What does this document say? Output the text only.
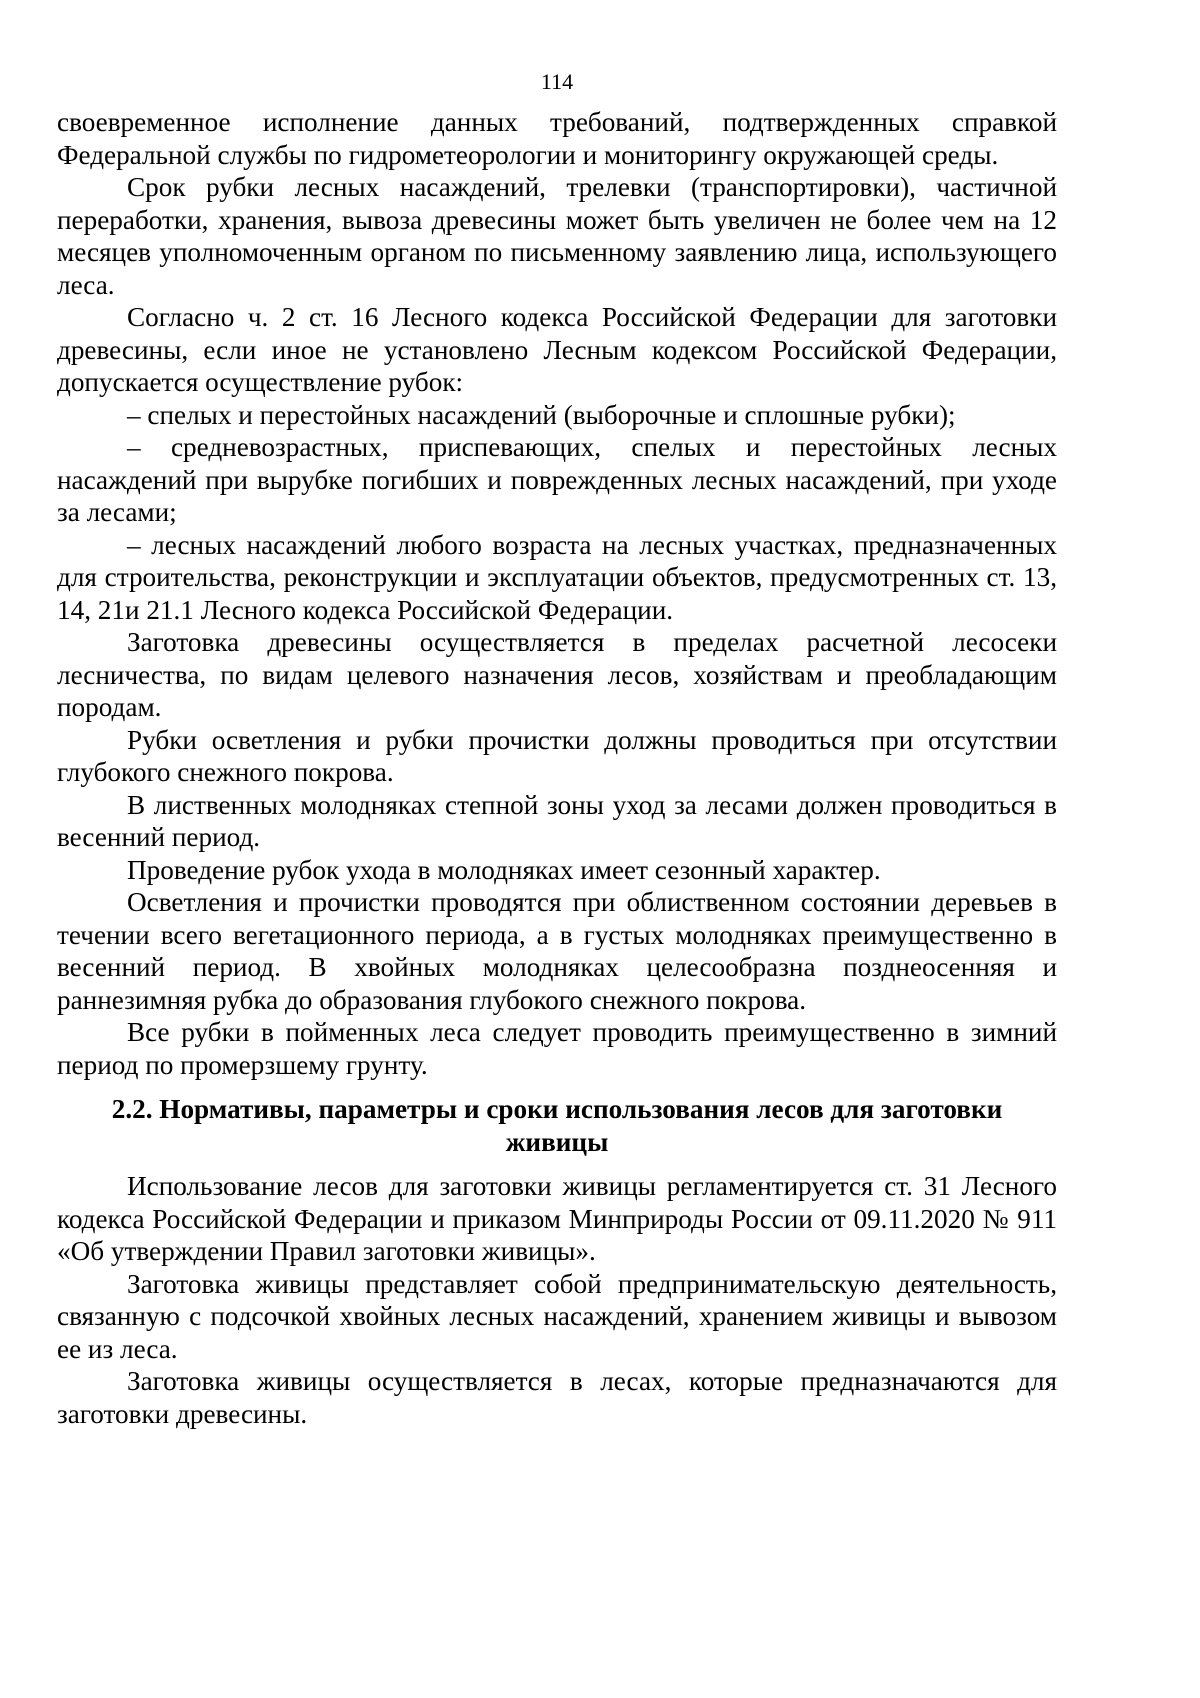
114

своевременное исполнение данных требований, подтвержденных справкой Федеральной службы по гидрометеорологии и мониторингу окружающей среды.

Срок рубки лесных насаждений, трелевки (транспортировки), частичной переработки, хранения, вывоза древесины может быть увеличен не более чем на 12 месяцев уполномоченным органом по письменному заявлению лица, использующего леса.

Согласно ч. 2 ст. 16 Лесного кодекса Российской Федерации для заготовки древесины, если иное не установлено Лесным кодексом Российской Федерации, допускается осуществление рубок:

– спелых и перестойных насаждений (выборочные и сплошные рубки);

– средневозрастных, приспевающих, спелых и перестойных лесных насаждений при вырубке погибших и поврежденных лесных насаждений, при уходе за лесами;

– лесных насаждений любого возраста на лесных участках, предназначенных для строительства, реконструкции и эксплуатации объектов, предусмотренных ст. 13, 14, 21и 21.1 Лесного кодекса Российской Федерации.

Заготовка древесины осуществляется в пределах расчетной лесосеки лесничества, по видам целевого назначения лесов, хозяйствам и преобладающим породам.

Рубки осветления и рубки прочистки должны проводиться при отсутствии глубокого снежного покрова.

В лиственных молодняках степной зоны уход за лесами должен проводиться в весенний период.

Проведение рубок ухода в молодняках имеет сезонный характер.

Осветления и прочистки проводятся при облиственном состоянии деревьев в течении всего вегетационного периода, а в густых молодняках преимущественно в весенний период. В хвойных молодняках целесообразна позднеосенняя и раннезимняя рубка до образования глубокого снежного покрова.

Все рубки в пойменных леса следует проводить преимущественно в зимний период по промерзшему грунту.

2.2. Нормативы, параметры и сроки использования лесов для заготовки живицы

Использование лесов для заготовки живицы регламентируется ст. 31 Лесного кодекса Российской Федерации и приказом Минприроды России от 09.11.2020 № 911 «Об утверждении Правил заготовки живицы».

Заготовка живицы представляет собой предпринимательскую деятельность, связанную с подсочкой хвойных лесных насаждений, хранением живицы и вывозом ее из леса.

Заготовка живицы осуществляется в лесах, которые предназначаются для заготовки древесины.
